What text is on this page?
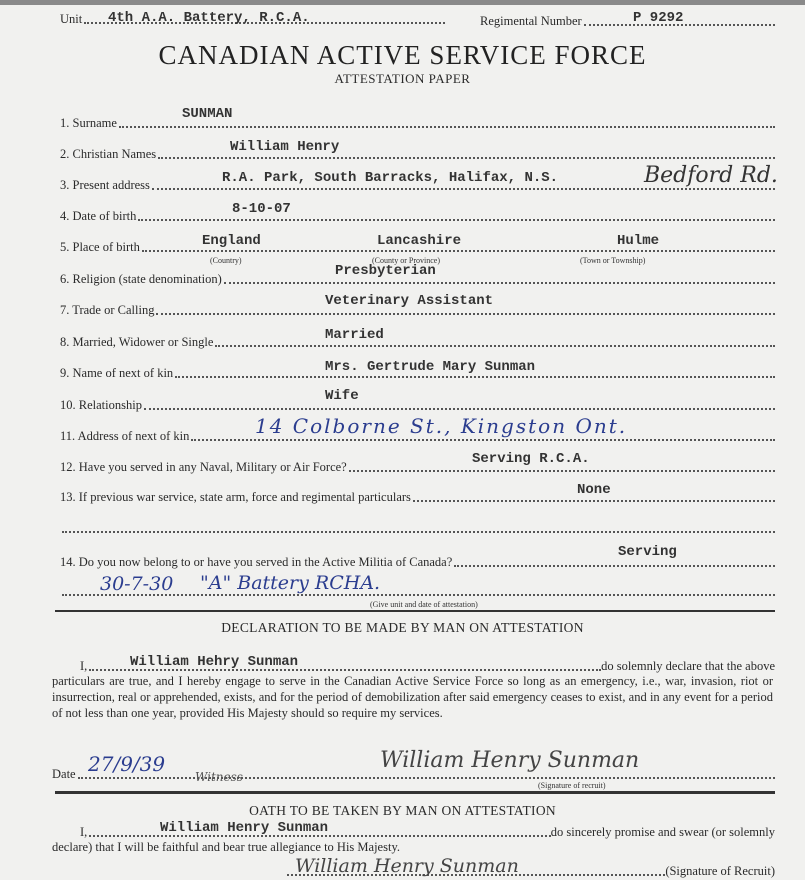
Unit 4th A.A. Battery, R.C.A.	Regimental Number	P 9292
CANADIAN ACTIVE SERVICE FORCE
ATTESTATION PAPER
1. Surname
SUNMAN
2. Christian Names	William Henry
3. Present address	R.A. Park, South Barracks, Halifax, N.S.	Bedford Rd.
4. Date of birth	8-10-07
5. Place of birth	England	Lancashire	Hulme
(Country)	(County or Province)	(Town or Township)
6. Religion (state denomination)	Presbyterian
7. Trade or Calling
Veterinary Assistant
8. Married, Widower or Single	Married
9. Name of next of kin	Mrs. Gertrude Mary Sunman
10. Relationship
Wife
11. Address of next of kin	14 Colborne St., Kingston Ont.
12. Have you served in any Naval, Military or Air Force?	Serving R.C.A.
13. If previous war service, state arm, force and regimental particulars	None
14. Do you now belong to or have you served in the Active Militia of Canada?
Serving
30-7-30 "A" Battery RCHA.
(Give unit and date of attestation)
DECLARATION TO BE MADE BY MAN ON ATTESTATION
I,	do solemnly declare that the above
William Hehry Sunman
particulars are true, and I hereby engage to serve in the Canadian Active Service Force so long as an emergency, i.e., war, invasion, riot or insurrection, real or apprehended, exists, and for the period of demobilization after said emergency ceases to exist, and in any event for a period of not less than one year, provided His Majesty should so require my services.
Date 27/9/39
Witness
William Henry Sunman
(Signature of recruit)
OATH TO BE TAKEN BY MAN ON ATTESTATION
I,	do sincerely promise and swear (or solemnly
William Henry Sunman
declare) that I will be faithful and bear true allegiance to His Majesty.
(Signature of Recruit)
William Henry Sunman
